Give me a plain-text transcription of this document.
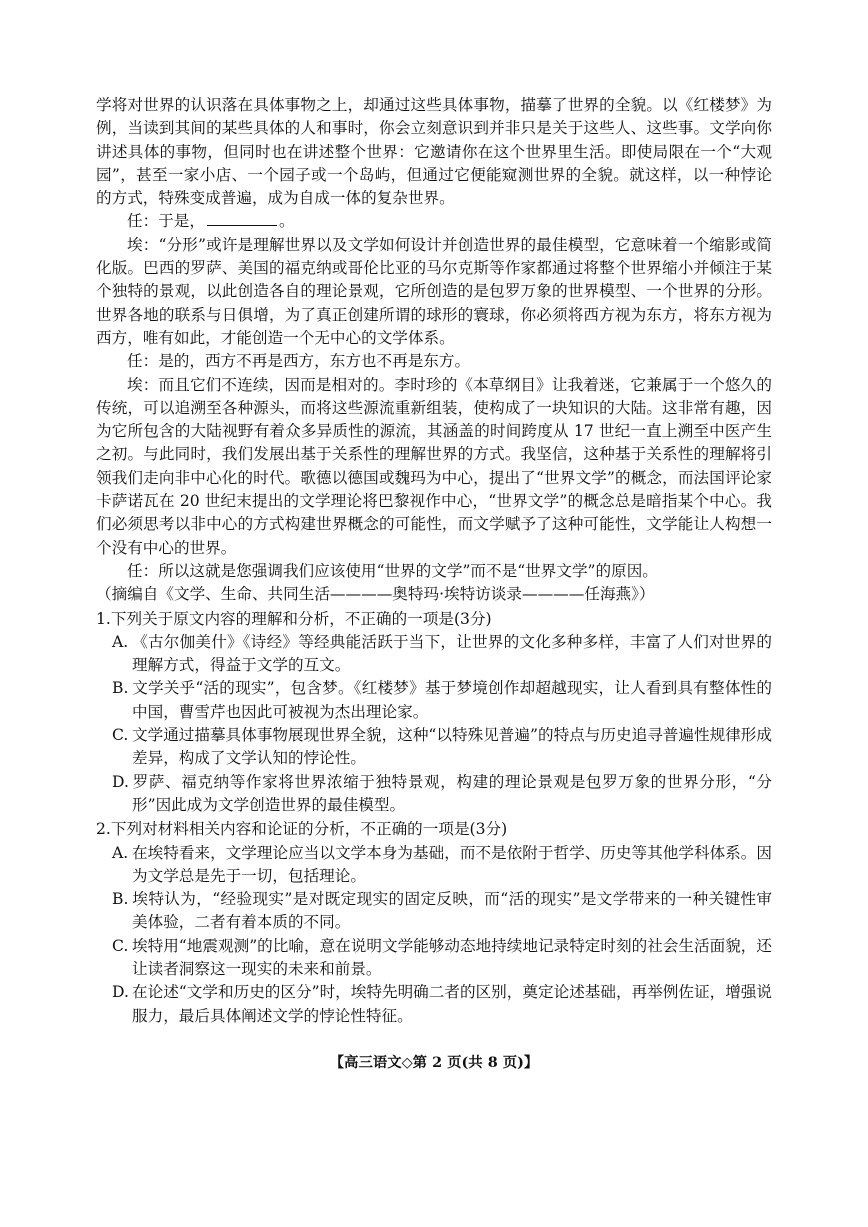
学将对世界的认识落在具体事物之上，却通过这些具体事物，描摹了世界的全貌。以《红楼梦》为例，当读到其间的某些具体的人和事时，你会立刻意识到并非只是关于这些人、这些事。文学向你讲述具体的事物，但同时也在讲述整个世界：它邀请你在这个世界里生活。即使局限在一个“大观园”，甚至一家小店、一个园子或一个岛屿，但通过它便能窥测世界的全貌。就这样，以一种悖论的方式，特殊变成普遍，成为自成一体的复杂世界。

任：于是，	。

埃：“分形”或许是理解世界以及文学如何设计并创造世界的最佳模型，它意味着一个缩影或简化版。巴西的罗萨、美国的福克纳或哥伦比亚的马尔克斯等作家都通过将整个世界缩小并倾注于某个独特的景观，以此创造各自的理论景观，它所创造的是包罗万象的世界模型、一个世界的分形。世界各地的联系与日俱增，为了真正创建所谓的球形的寰球，你必须将西方视为东方，将东方视为西方，唯有如此，才能创造一个无中心的文学体系。

任：是的，西方不再是西方，东方也不再是东方。

埃：而且它们不连续，因而是相对的。李时珍的《本草纲目》让我着迷，它兼属于一个悠久的传统，可以追溯至各种源头，而将这些源流重新组装，使构成了一块知识的大陆。这非常有趣，因为它所包含的大陆视野有着众多异质性的源流，其涵盖的时间跨度从 17 世纪一直上溯至中医产生之初。与此同时，我们发展出基于关系性的理解世界的方式。我坚信，这种基于关系性的理解将引领我们走向非中心化的时代。歌德以德国或魏玛为中心，提出了“世界文学”的概念，而法国评论家卡萨诺瓦在 20 世纪末提出的文学理论将巴黎视作中心，“世界文学”的概念总是暗指某个中心。我们必须思考以非中心的方式构建世界概念的可能性，而文学赋予了这种可能性，文学能让人构想一个没有中心的世界。

任：所以这就是您强调我们应该使用“世界的文学”而不是“世界文学”的原因。

（摘编自《文学、生命、共同生活————奥特玛·埃特访谈录————任海燕》）

1.下列关于原文内容的理解和分析，不正确的一项是(3分)

A. 《古尔伽美什》《诗经》等经典能活跃于当下，让世界的文化多种多样，丰富了人们对世界的理解方式，得益于文学的互文。

B. 文学关乎“活的现实”，包含梦。《红楼梦》基于梦境创作却超越现实，让人看到具有整体性的中国，曹雪芹也因此可被视为杰出理论家。

C. 文学通过描摹具体事物展现世界全貌，这种“以特殊见普遍”的特点与历史追寻普遍性规律形成差异，构成了文学认知的悖论性。

D. 罗萨、福克纳等作家将世界浓缩于独特景观，构建的理论景观是包罗万象的世界分形，“分形”因此成为文学创造世界的最佳模型。

2.下列对材料相关内容和论证的分析，不正确的一项是(3分)

A. 在埃特看来，文学理论应当以文学本身为基础，而不是依附于哲学、历史等其他学科体系。因为文学总是先于一切，包括理论。

B. 埃特认为，“经验现实”是对既定现实的固定反映，而“活的现实”是文学带来的一种关键性审美体验，二者有着本质的不同。

C. 埃特用“地震观测”的比喻，意在说明文学能够动态地持续地记录特定时刻的社会生活面貌，还让读者洞察这一现实的未来和前景。

D. 在论述“文学和历史的区分”时，埃特先明确二者的区别，奠定论述基础，再举例佐证，增强说服力，最后具体阐述文学的悖论性特征。

【高三语文◇第 2 页(共 8 页)】
